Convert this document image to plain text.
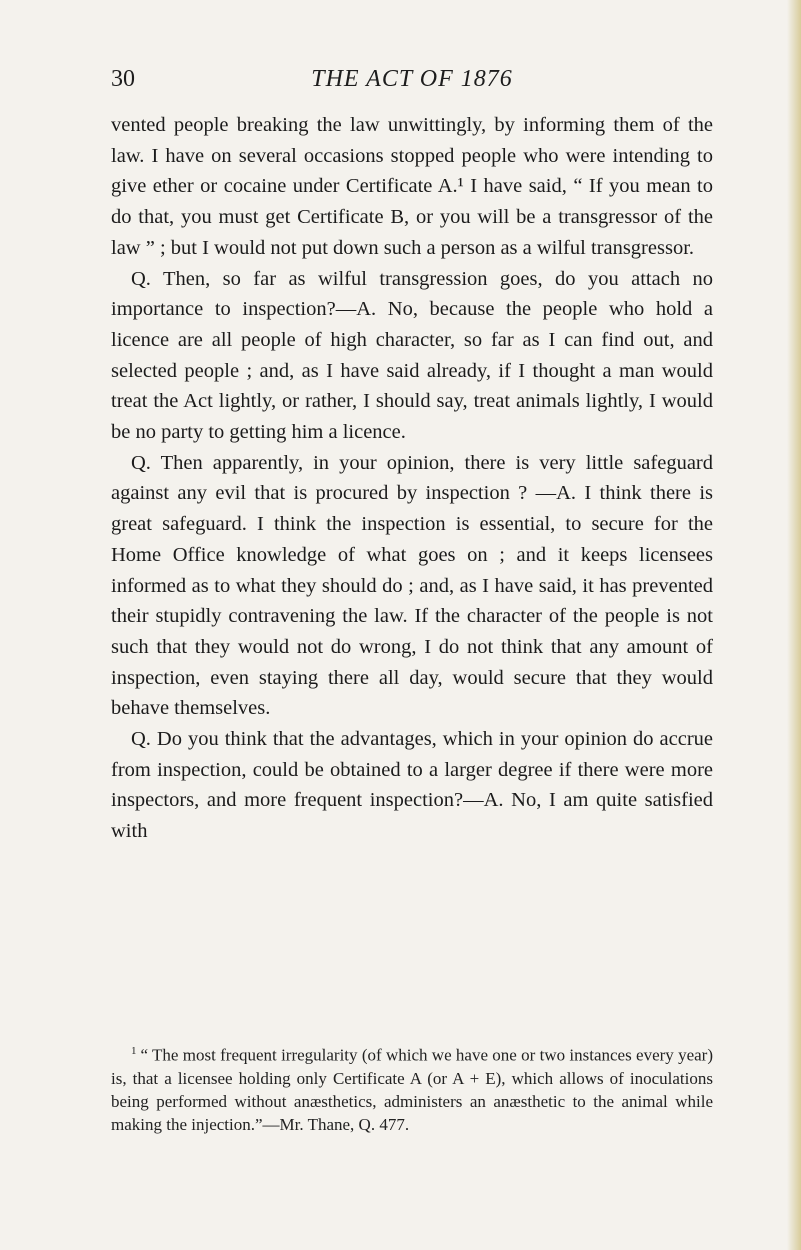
30	THE ACT OF 1876

vented people breaking the law unwittingly, by informing them of the law. I have on several occasions stopped people who were intending to give ether or cocaine under Certificate A.¹ I have said, “ If you mean to do that, you must get Certificate B, or you will be a transgressor of the law ” ; but I would not put down such a person as a wilful transgressor.

Q. Then, so far as wilful transgression goes, do you attach no importance to inspection?—A. No, because the people who hold a licence are all people of high character, so far as I can find out, and selected people ; and, as I have said already, if I thought a man would treat the Act lightly, or rather, I should say, treat animals lightly, I would be no party to getting him a licence.

Q. Then apparently, in your opinion, there is very little safeguard against any evil that is procured by inspection ? —A. I think there is great safeguard. I think the inspection is essential, to secure for the Home Office knowledge of what goes on ; and it keeps licensees informed as to what they should do ; and, as I have said, it has prevented their stupidly contravening the law. If the character of the people is not such that they would not do wrong, I do not think that any amount of inspection, even staying there all day, would secure that they would behave themselves.

Q. Do you think that the advantages, which in your opinion do accrue from inspection, could be obtained to a larger degree if there were more inspectors, and more frequent inspection?—A. No, I am quite satisfied with

$^1$ “ The most frequent irregularity (of which we have one or two instances every year) is, that a licensee holding only Certificate A (or A + E), which allows of inoculations being performed without anæsthetics, administers an anæsthetic to the animal while making the injection.”—Mr. Thane, Q. 477.
